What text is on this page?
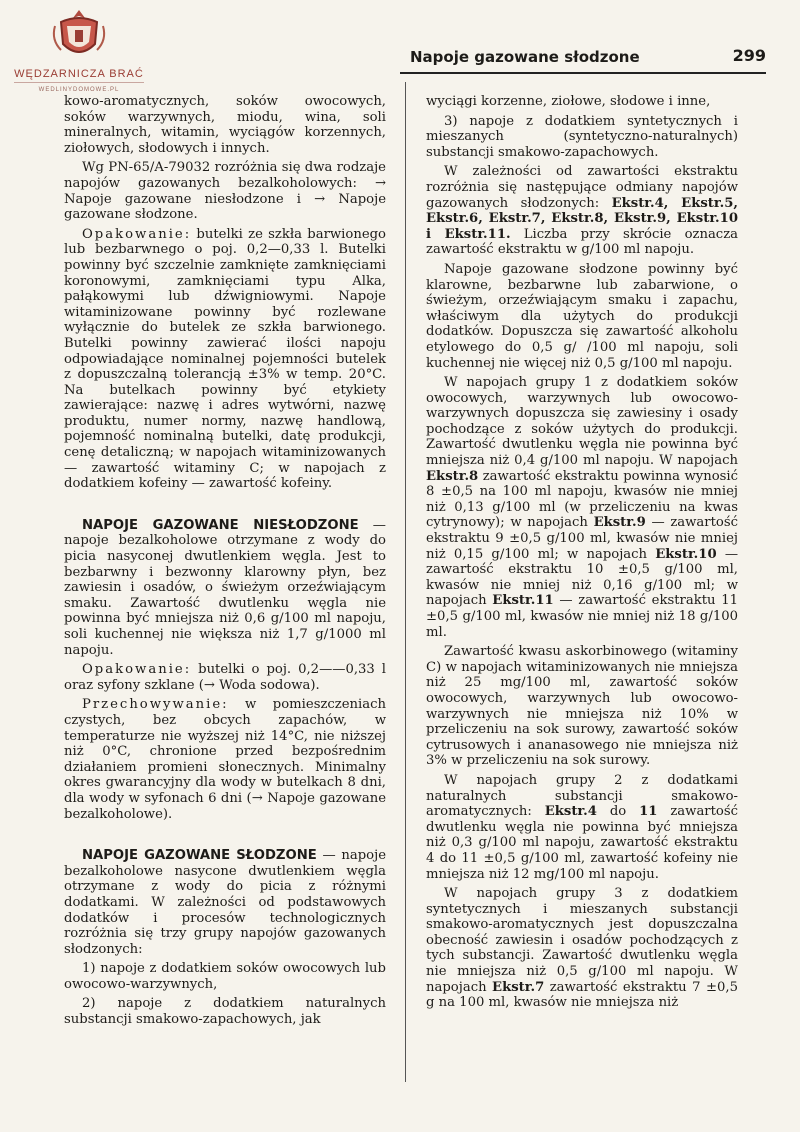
WĘDZARNICZA BRAĆ
WEDLINYDOMOWE.PL
Napoje gazowane słodzone	299

kowo-aromatycznych, soków owocowych, soków warzywnych, miodu, wina, soli mineralnych, witamin, wyciągów korzennych, ziołowych, słodowych i innych.

Wg PN-65/A-79032 rozróżnia się dwa rodzaje napojów gazowanych bezalkoholowych: → Napoje gazowane niesłodzone i → Napoje gazowane słodzone.

Opakowanie: butelki ze szkła barwionego lub bezbarwnego o poj. 0,2—0,33 l. Butelki powinny być szczelnie zamknięte zamknięciami koronowymi, zamknięciami typu Alka, pałąkowymi lub dźwigniowymi. Napoje witaminizowane powinny być rozlewane wyłącznie do butelek ze szkła barwionego. Butelki powinny zawierać ilości napoju odpowiadające nominalnej pojemności butelek z dopuszczalną tolerancją ±3% w temp. 20°C. Na butelkach powinny być etykiety zawierające: nazwę i adres wytwórni, nazwę produktu, numer normy, nazwę handlową, pojemność nominalną butelki, datę produkcji, cenę detaliczną; w napojach witaminizowanych — zawartość witaminy C; w napojach z dodatkiem kofeiny — zawartość kofeiny.

NAPOJE GAZOWANE NIESŁODZONE — napoje bezalkoholowe otrzymane z wody do picia nasyconej dwutlenkiem węgla. Jest to bezbarwny i bezwonny klarowny płyn, bez zawiesin i osadów, o świeżym orzeźwiającym smaku. Zawartość dwutlenku węgla nie powinna być mniejsza niż 0,6 g/100 ml napoju, soli kuchennej nie większa niż 1,7 g/1000 ml napoju.

Opakowanie: butelki o poj. 0,2——0,33 l oraz syfony szklane (→ Woda sodowa).

Przechowywanie: w pomieszczeniach czystych, bez obcych zapachów, w temperaturze nie wyższej niż 14°C, nie niższej niż 0°C, chronione przed bezpośrednim działaniem promieni słonecznych. Minimalny okres gwarancyjny dla wody w butelkach 8 dni, dla wody w syfonach 6 dni (→ Napoje gazowane bezalkoholowe).

NAPOJE GAZOWANE SŁODZONE — napoje bezalkoholowe nasycone dwutlenkiem węgla otrzymane z wody do picia z różnymi dodatkami. W zależności od podstawowych dodatków i procesów technologicznych rozróżnia się trzy grupy napojów gazowanych słodzonych:

1) napoje z dodatkiem soków owocowych lub owocowo-warzywnych,

2) napoje z dodatkiem naturalnych substancji smakowo-zapachowych, jak

wyciągi korzenne, ziołowe, słodowe i inne,

3) napoje z dodatkiem syntetycznych i mieszanych (syntetyczno-naturalnych) substancji smakowo-zapachowych.

W zależności od zawartości ekstraktu rozróżnia się następujące odmiany napojów gazowanych słodzonych: Ekstr.4, Ekstr.5, Ekstr.6, Ekstr.7, Ekstr.8, Ekstr.9, Ekstr.10 i Ekstr.11. Liczba przy skrócie oznacza zawartość ekstraktu w g/100 ml napoju.

Napoje gazowane słodzone powinny być klarowne, bezbarwne lub zabarwione, o świeżym, orzeźwiającym smaku i zapachu, właściwym dla użytych do produkcji dodatków. Dopuszcza się zawartość alkoholu etylowego do 0,5 g/ /100 ml napoju, soli kuchennej nie więcej niż 0,5 g/100 ml napoju.

W napojach grupy 1 z dodatkiem soków owocowych, warzywnych lub owocowo-warzywnych dopuszcza się zawiesiny i osady pochodzące z soków użytych do produkcji. Zawartość dwutlenku węgla nie powinna być mniejsza niż 0,4 g/100 ml napoju. W napojach Ekstr.8 zawartość ekstraktu powinna wynosić 8 ±0,5 na 100 ml napoju, kwasów nie mniej niż 0,13 g/100 ml (w przeliczeniu na kwas cytrynowy); w napojach Ekstr.9 — zawartość ekstraktu 9 ±0,5 g/100 ml, kwasów nie mniej niż 0,15 g/100 ml; w napojach Ekstr.10 — zawartość ekstraktu 10 ±0,5 g/100 ml, kwasów nie mniej niż 0,16 g/100 ml; w napojach Ekstr.11 — zawartość ekstraktu 11 ±0,5 g/100 ml, kwasów nie mniej niż 18 g/100 ml.

Zawartość kwasu askorbinowego (witaminy C) w napojach witaminizowanych nie mniejsza niż 25 mg/100 ml, zawartość soków owocowych, warzywnych lub owocowo-warzywnych nie mniejsza niż 10% w przeliczeniu na sok surowy, zawartość soków cytrusowych i ananasowego nie mniejsza niż 3% w przeliczeniu na sok surowy.

W napojach grupy 2 z dodatkami naturalnych substancji smakowo-aromatycznych: Ekstr.4 do 11 zawartość dwutlenku węgla nie powinna być mniejsza niż 0,3 g/100 ml napoju, zawartość ekstraktu 4 do 11 ±0,5 g/100 ml, zawartość kofeiny nie mniejsza niż 12 mg/100 ml napoju.

W napojach grupy 3 z dodatkiem syntetycznych i mieszanych substancji smakowo-aromatycznych jest dopuszczalna obecność zawiesin i osadów pochodzących z tych substancji. Zawartość dwutlenku węgla nie mniejsza niż 0,5 g/100 ml napoju. W napojach Ekstr.7 zawartość ekstraktu 7 ±0,5 g na 100 ml, kwasów nie mniejsza niż
